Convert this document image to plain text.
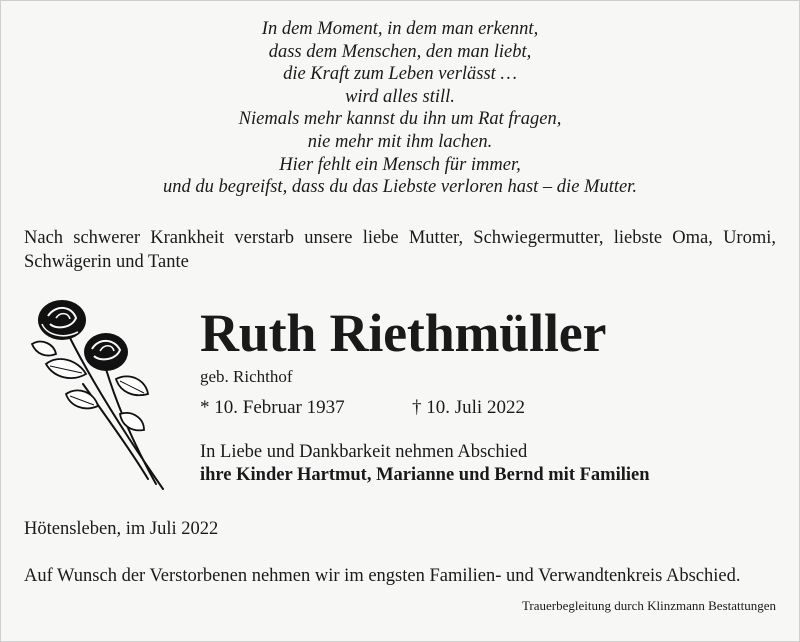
In dem Moment, in dem man erkennt,
dass dem Menschen, den man liebt,
die Kraft zum Leben verlässt …
wird alles still.
Niemals mehr kannst du ihn um Rat fragen,
nie mehr mit ihm lachen.
Hier fehlt ein Mensch für immer,
und du begreifst, dass du das Liebste verloren hast – die Mutter.
Nach schwerer Krankheit verstarb unsere liebe Mutter, Schwiegermutter, liebste Oma, Uromi, Schwägerin und Tante
Ruth Riethmüller
geb. Richthof
* 10. Februar 1937	† 10. Juli 2022
In Liebe und Dankbarkeit nehmen Abschied
ihre Kinder Hartmut, Marianne und Bernd mit Familien
Hötensleben, im Juli 2022
Auf Wunsch der Verstorbenen nehmen wir im engsten Familien- und Verwandtenkreis Abschied.
Trauerbegleitung durch Klinzmann Bestattungen
